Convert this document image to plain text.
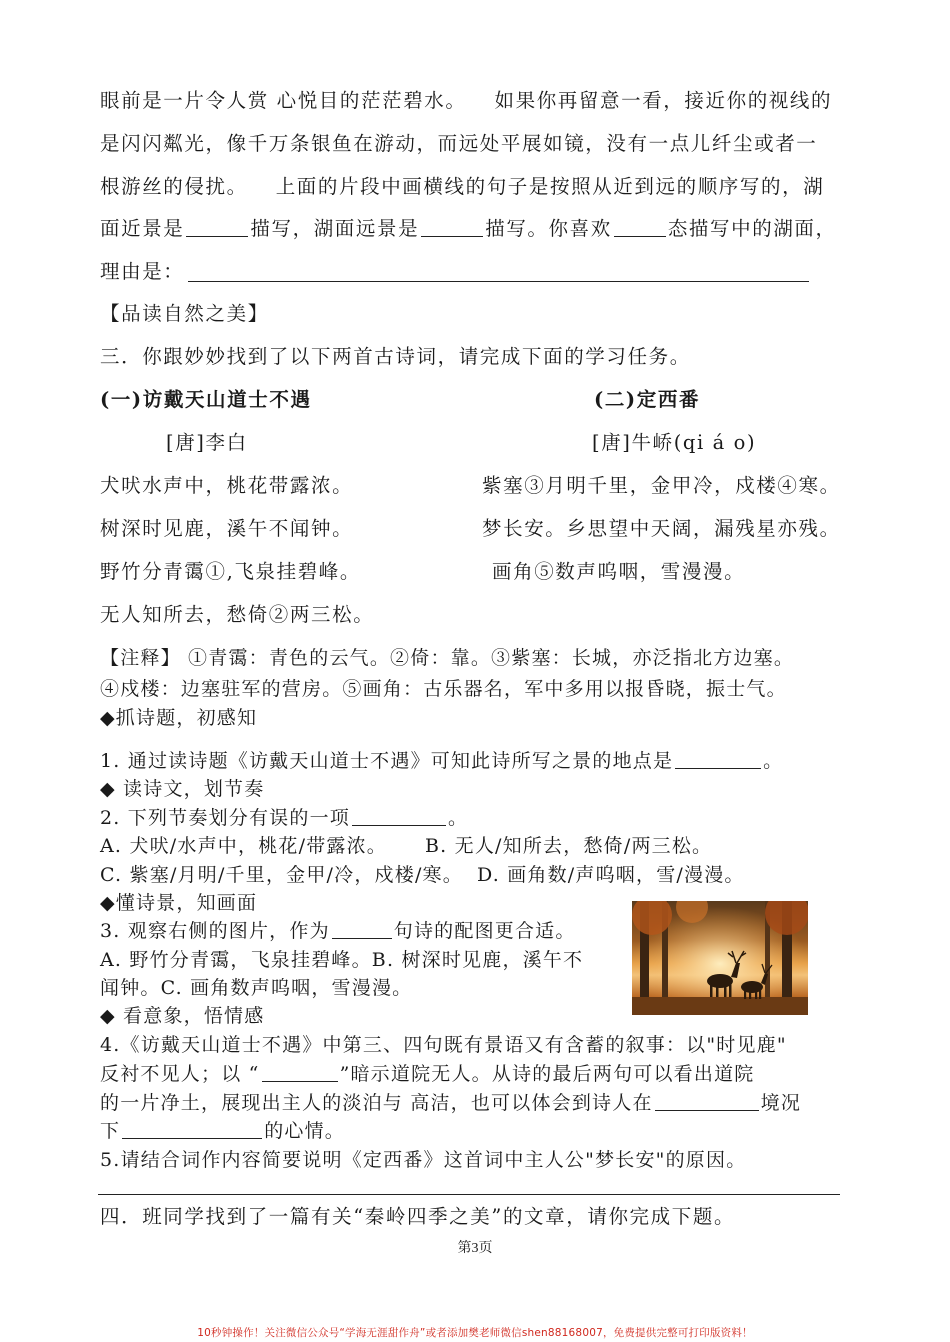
眼前是一片令人赏 心悦目的茫茫碧水。 如果你再留意一看，接近你的视线的
是闪闪粼光，像千万条银鱼在游动，而远处平展如镜，没有一点儿纤尘或者一
根游丝的侵扰。 上面的片段中画横线的句子是按照从近到远的顺序写的，湖
面近景是	描写，湖面远景是	描写。你喜欢	态描写中的湖面，
理由是：
【品读自然之美】
三．你跟妙妙找到了以下两首古诗词，请完成下面的学习任务。
(一)访戴天山道士不遇	(二)定西番
[唐]李白	[唐]牛峤(qi á o)
犬吠水声中，桃花带露浓。
树深时见鹿，溪午不闻钟。
野竹分青霭①,飞泉挂碧峰。
无人知所去，愁倚②两三松。
紫塞③月明千里，金甲冷，戍楼④寒。
梦长安。乡思望中天阔，漏残星亦残。
画角⑤数声呜咽，雪漫漫。
【注释】 ①青霭：青色的云气。②倚：靠。③紫塞：长城，亦泛指北方边塞。
④戍楼：边塞驻军的营房。⑤画角：古乐器名，军中多用以报昏晓，振士气。
◆抓诗题，初感知
1. 通过读诗题《访戴天山道士不遇》可知此诗所写之景的地点是	。
◆ 读诗文，划节奏
2. 下列节奏划分有误的一项	。
A. 犬吠/水声中，桃花/带露浓。 B. 无人/知所去，愁倚/两三松。
C. 紫塞/月明/千里，金甲/冷，戍楼/寒。 D. 画角数/声呜咽，雪/漫漫。
◆懂诗景，知画面
3. 观察右侧的图片，作为	句诗的配图更合适。
A. 野竹分青霭，飞泉挂碧峰。B. 树深时见鹿，溪午不
闻钟。C. 画角数声呜咽，雪漫漫。
◆ 看意象，悟情感
4.《访戴天山道士不遇》中第三、四句既有景语又有含蓄的叙事：以"时见鹿"
反衬不见人；以 “	”暗示道院无人。从诗的最后两句可以看出道院
的一片净土，展现出主人的淡泊与 高洁，也可以体会到诗人在	境况
下	的心情。
5.请结合词作内容简要说明《定西番》这首词中主人公"梦长安"的原因。
四．班同学找到了一篇有关“秦岭四季之美”的文章，请你完成下题。
第3页
10秒钟操作！关注微信公众号“学海无涯甜作舟”或者添加樊老师微信shen88168007，免费提供完整可打印版资料！
